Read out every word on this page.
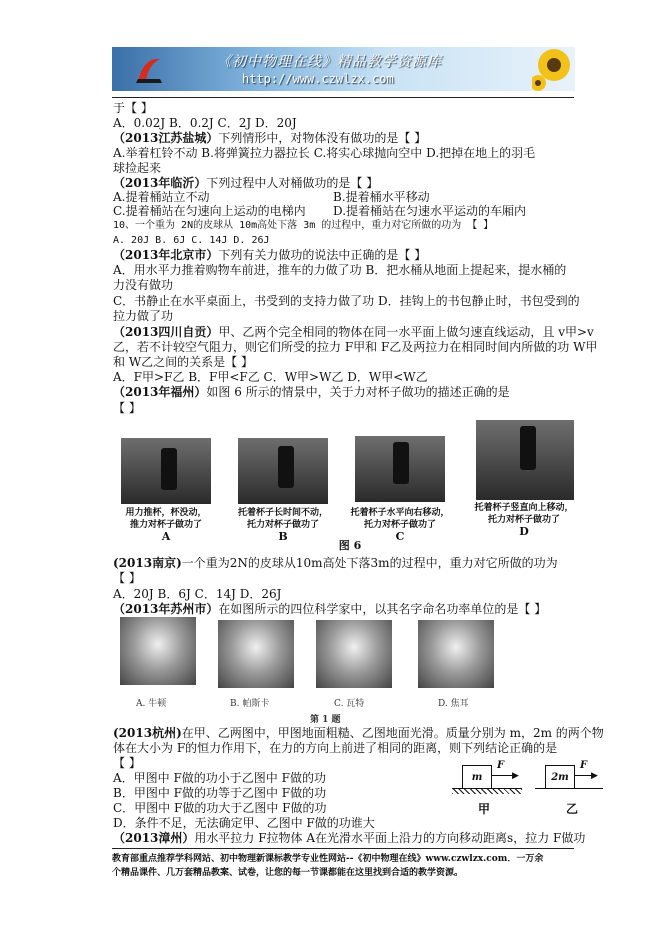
《初中物理在线》精品教学资源库
http://www.czwlzx.com
于【 】
A．0.02J B．0.2J C．2J D．20J
（2013江苏盐城）下列情形中，对物体没有做功的是【 】
A.举着杠铃不动 B.将弹簧拉力器拉长 C.将实心球抛向空中 D.把掉在地上的羽毛
球捡起来
（2013年临沂）下列过程中人对桶做功的是【 】
A.提着桶站立不动	B.提着桶水平移动
C.提着桶站在匀速向上运动的电梯内 D.提着桶站在匀速水平运动的车厢内
10、一个重为 2N的皮球从 10m高处下落 3m 的过程中，重力对它所做的功为 【 】
A. 20J B. 6J C. 14J D. 26J
（2013年北京市）下列有关力做功的说法中正确的是【 】
A．用水平力推着购物车前进，推车的力做了功 B．把水桶从地面上提起来，提水桶的
力没有做功
C．书静止在水平桌面上，书受到的支持力做了功 D．挂钩上的书包静止时，书包受到的
拉力做了功
（2013四川自贡）甲、乙两个完全相同的物体在同一水平面上做匀速直线运动，且 v甲>v
乙，若不计较空气阻力，则它们所受的拉力 F甲和 F乙及两拉力在相同时间内所做的功 W甲
和 W乙之间的关系是【 】
A．F甲>F乙 B．F甲<F乙 C．W甲>W乙 D．W甲<W乙
（2013年福州）如图 6 所示的情景中，关于力对杯子做功的描述正确的是
【 】
用力推杯，杯没动，
推力对杯子做功了
A
托着杯子长时间不动，
托力对杯子做功了
B
托着杯子水平向右移动，
托力对杯子做功了
C
托着杯子竖直向上移动，
托力对杯子做功了
D
图 6
(2013南京)一个重为2N的皮球从10m高处下落3m的过程中，重力对它所做的功为
【 】
A．20J B．6J C．14J D．26J
（2013年苏州市）在如图所示的四位科学家中，以其名字命名功率单位的是【 】
A. 牛顿	B. 帕斯卡	C. 瓦特	D. 焦耳
第 1 题
(2013杭州)在甲、乙两图中，甲图地面粗糙、乙图地面光滑。质量分别为 m，2m 的两个物
体在大小为 F的恒力作用下，在力的方向上前进了相同的距离，则下列结论正确的是
【 】
A．甲图中 F做的功小于乙图中 F做的功
B．甲图中 F做的功等于乙图中 F做的功
C．甲图中 F做的功大于乙图中 F做的功
D．条件不足，无法确定甲、乙图中 F做的功谁大
m	▶
F
甲
2m	▶
F
乙
（2013漳州）用水平拉力 F拉物体 A在光滑水平面上沿力的方向移动距离s，拉力 F做功
教育部重点推荐学科网站、初中物理新课标教学专业性网站--《初中物理在线》www.czwlzx.com．一万余
个精品课件、几万套精品教案、试卷，让您的每一节课都能在这里找到合适的教学资源。
